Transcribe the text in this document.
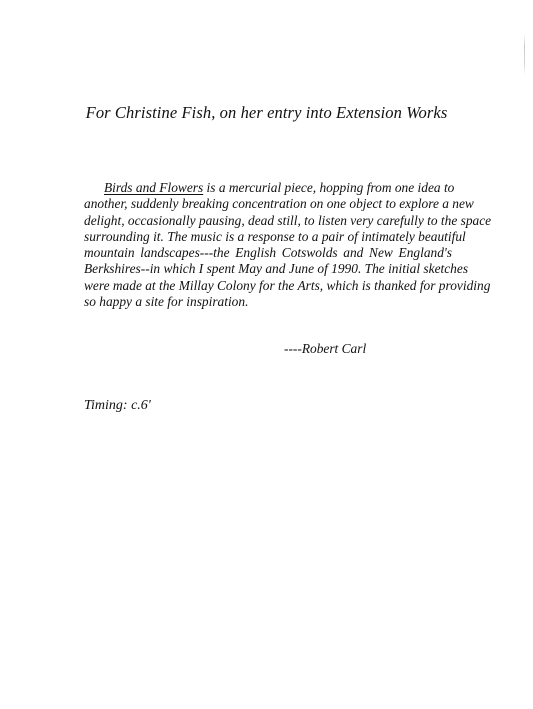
For Christine Fish, on her entry into Extension Works
Birds and Flowers is a mercurial piece, hopping from one idea to
another, suddenly breaking concentration on one object to explore a new
delight, occasionally pausing, dead still, to listen very carefully to the space
surrounding it. The music is a response to a pair of intimately beautiful
mountain landscapes---the English Cotswolds and New England's
Berkshires--in which I spent May and June of 1990. The initial sketches
were made at the Millay Colony for the Arts, which is thanked for providing
so happy a site for inspiration.
----Robert Carl
Timing: c.6'
